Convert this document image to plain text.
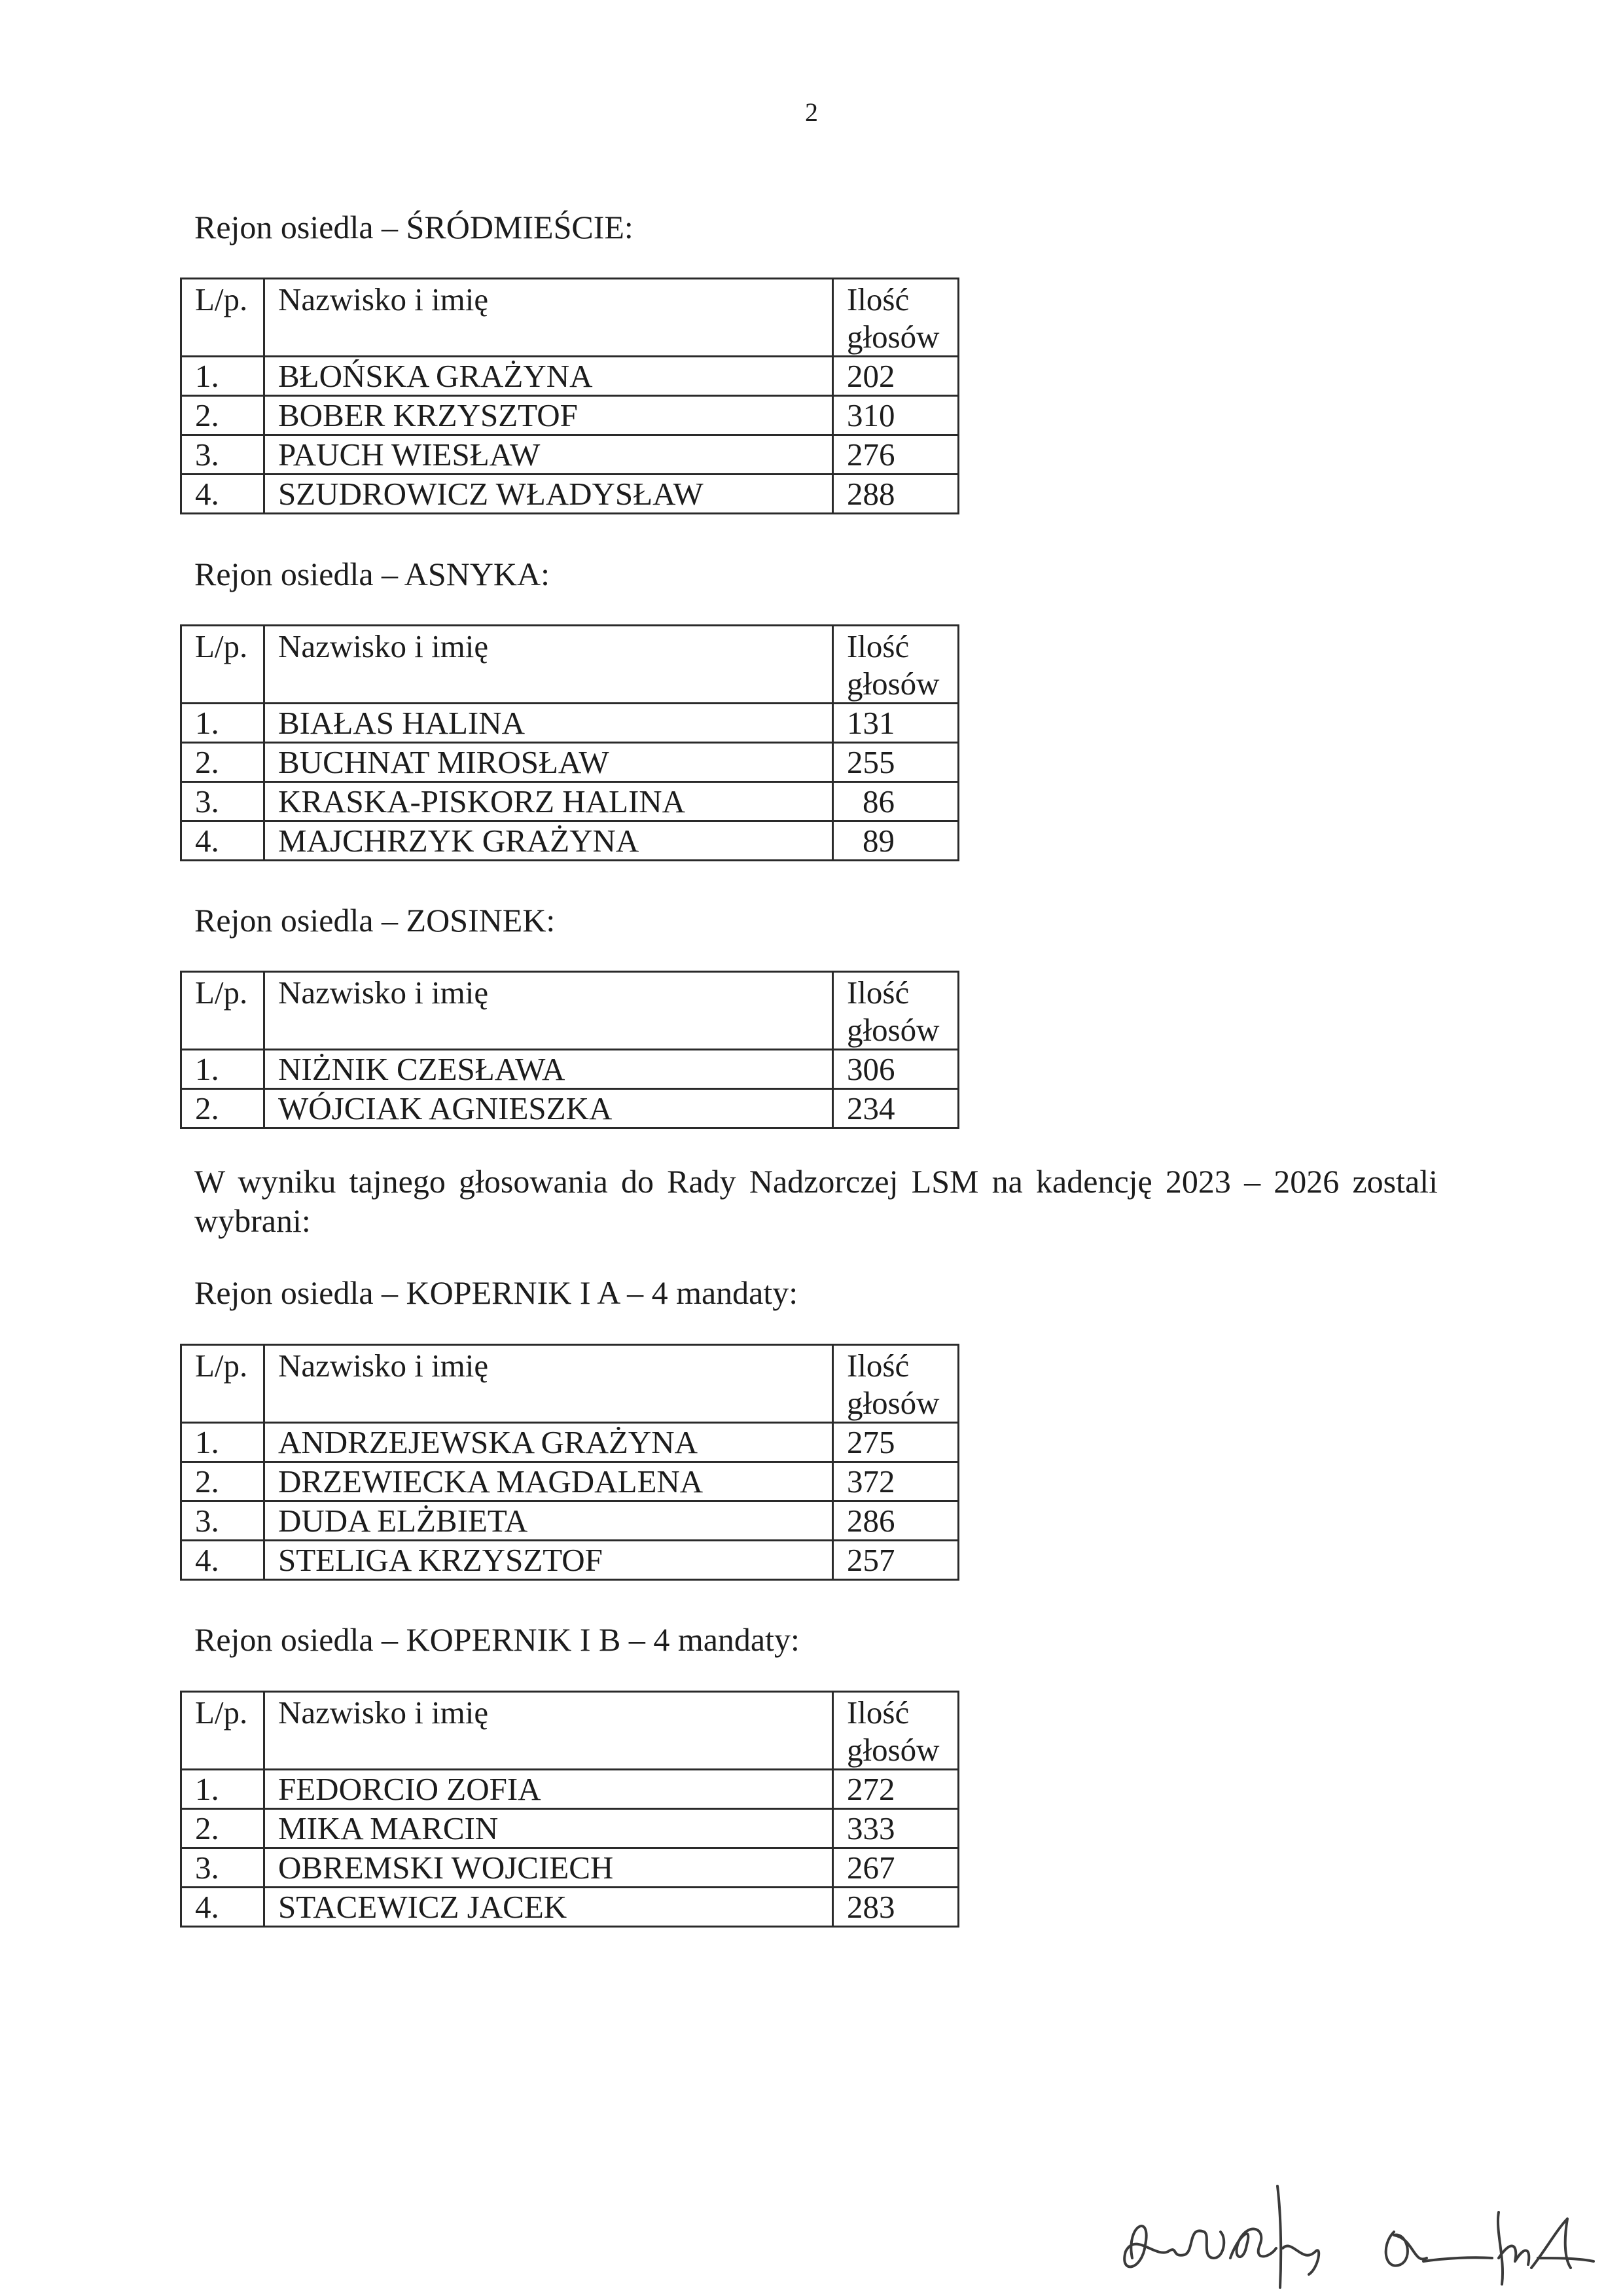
2
Rejon osiedla – ŚRÓDMIEŚCIE:
L/p.	Nazwisko i imię	Ilość głosów
1.	BŁOŃSKA GRAŻYNA	202
2.	BOBER KRZYSZTOF	310
3.	PAUCH WIESŁAW	276
4.	SZUDROWICZ WŁADYSŁAW	288
Rejon osiedla – ASNYKA:
L/p.	Nazwisko i imię	Ilość głosów
1.	BIAŁAS HALINA	131
2.	BUCHNAT MIROSŁAW	255
3.	KRASKA-PISKORZ HALINA	86
4.	MAJCHRZYK GRAŻYNA	89
Rejon osiedla – ZOSINEK:
L/p.	Nazwisko i imię	Ilość głosów
1.	NIŻNIK CZESŁAWA	306
2.	WÓJCIAK AGNIESZKA	234
W wyniku tajnego głosowania do Rady Nadzorczej LSM na kadencję 2023 – 2026 zostali wybrani:
Rejon osiedla – KOPERNIK I A – 4 mandaty:
L/p.	Nazwisko i imię	Ilość głosów
1.	ANDRZEJEWSKA GRAŻYNA	275
2.	DRZEWIECKA MAGDALENA	372
3.	DUDA ELŻBIETA	286
4.	STELIGA KRZYSZTOF	257
Rejon osiedla – KOPERNIK I B – 4 mandaty:
L/p.	Nazwisko i imię	Ilość głosów
1.	FEDORCIO ZOFIA	272
2.	MIKA MARCIN	333
3.	OBREMSKI WOJCIECH	267
4.	STACEWICZ JACEK	283
